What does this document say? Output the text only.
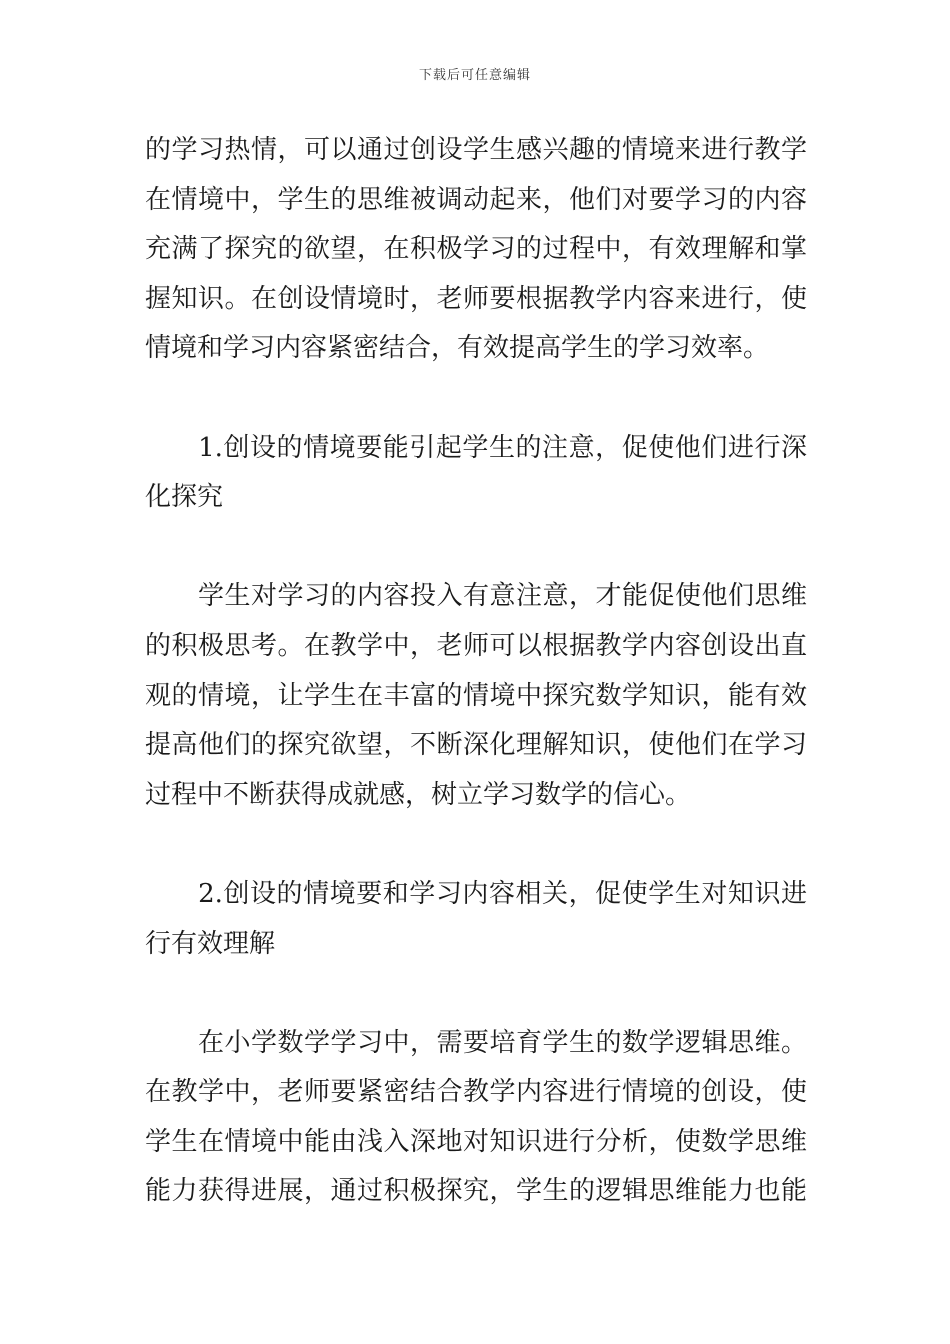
下载后可任意编辑
的学习热情，可以通过创设学生感兴趣的情境来进行教学
在情境中，学生的思维被调动起来，他们对要学习的内容
充满了探究的欲望，在积极学习的过程中，有效理解和掌
握知识。在创设情境时，老师要根据教学内容来进行，使
情境和学习内容紧密结合，有效提高学生的学习效率。
　　1.创设的情境要能引起学生的注意，促使他们进行深
化探究
　　学生对学习的内容投入有意注意，才能促使他们思维
的积极思考。在教学中，老师可以根据教学内容创设出直
观的情境，让学生在丰富的情境中探究数学知识，能有效
提高他们的探究欲望，不断深化理解知识，使他们在学习
过程中不断获得成就感，树立学习数学的信心。
　　2.创设的情境要和学习内容相关，促使学生对知识进
行有效理解
　　在小学数学学习中，需要培育学生的数学逻辑思维。
在教学中，老师要紧密结合教学内容进行情境的创设，使
学生在情境中能由浅入深地对知识进行分析，使数学思维
能力获得进展，通过积极探究，学生的逻辑思维能力也能
